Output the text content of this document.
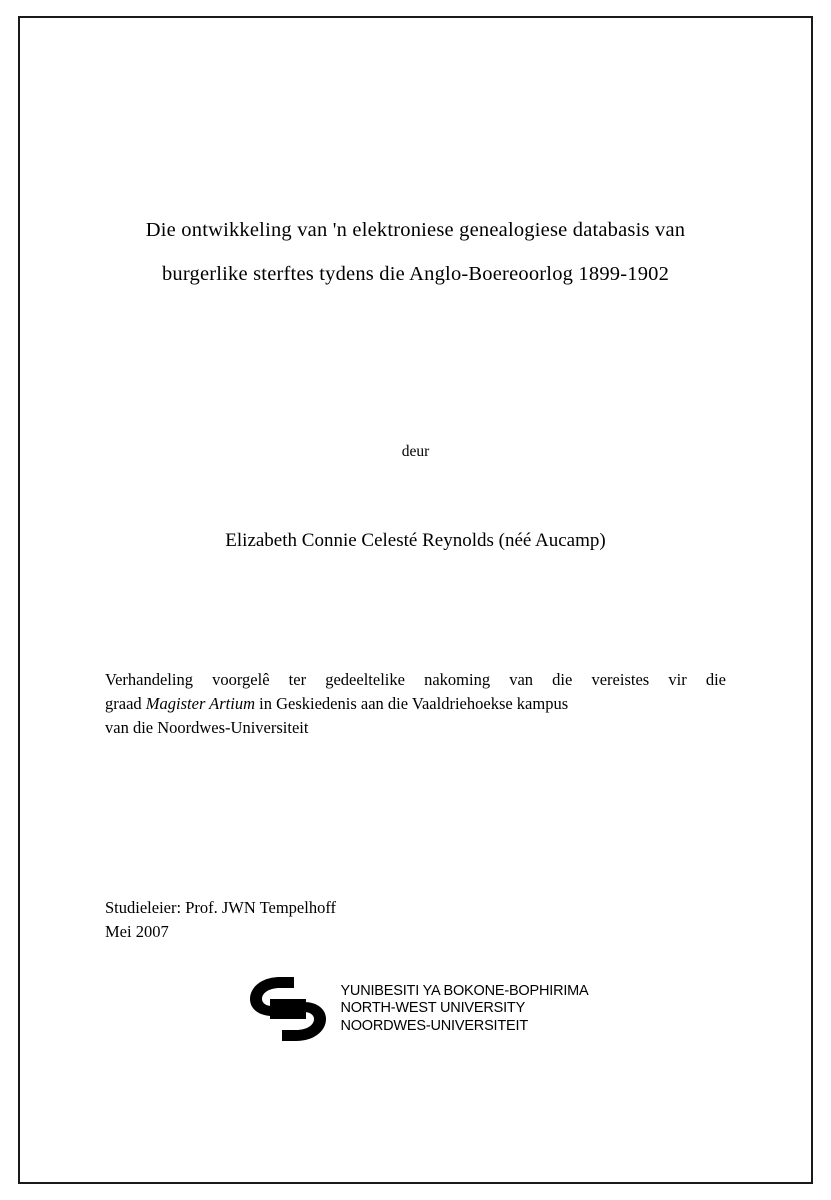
Die ontwikkeling van 'n elektroniese genealogiese databasis van
burgerlike sterftes tydens die Anglo-Boereoorlog 1899-1902
deur
Elizabeth Connie Celesté Reynolds (néé Aucamp)
Verhandeling voorgelê ter gedeeltelike nakoming van die vereistes vir die
graad Magister Artium in Geskiedenis aan die Vaaldriehoekse kampus
van die Noordwes-Universiteit
Studieleier: Prof. JWN Tempelhoff
Mei 2007
YUNIBESITI YA BOKONE-BOPHIRIMA
NORTH-WEST UNIVERSITY
NOORDWES-UNIVERSITEIT
